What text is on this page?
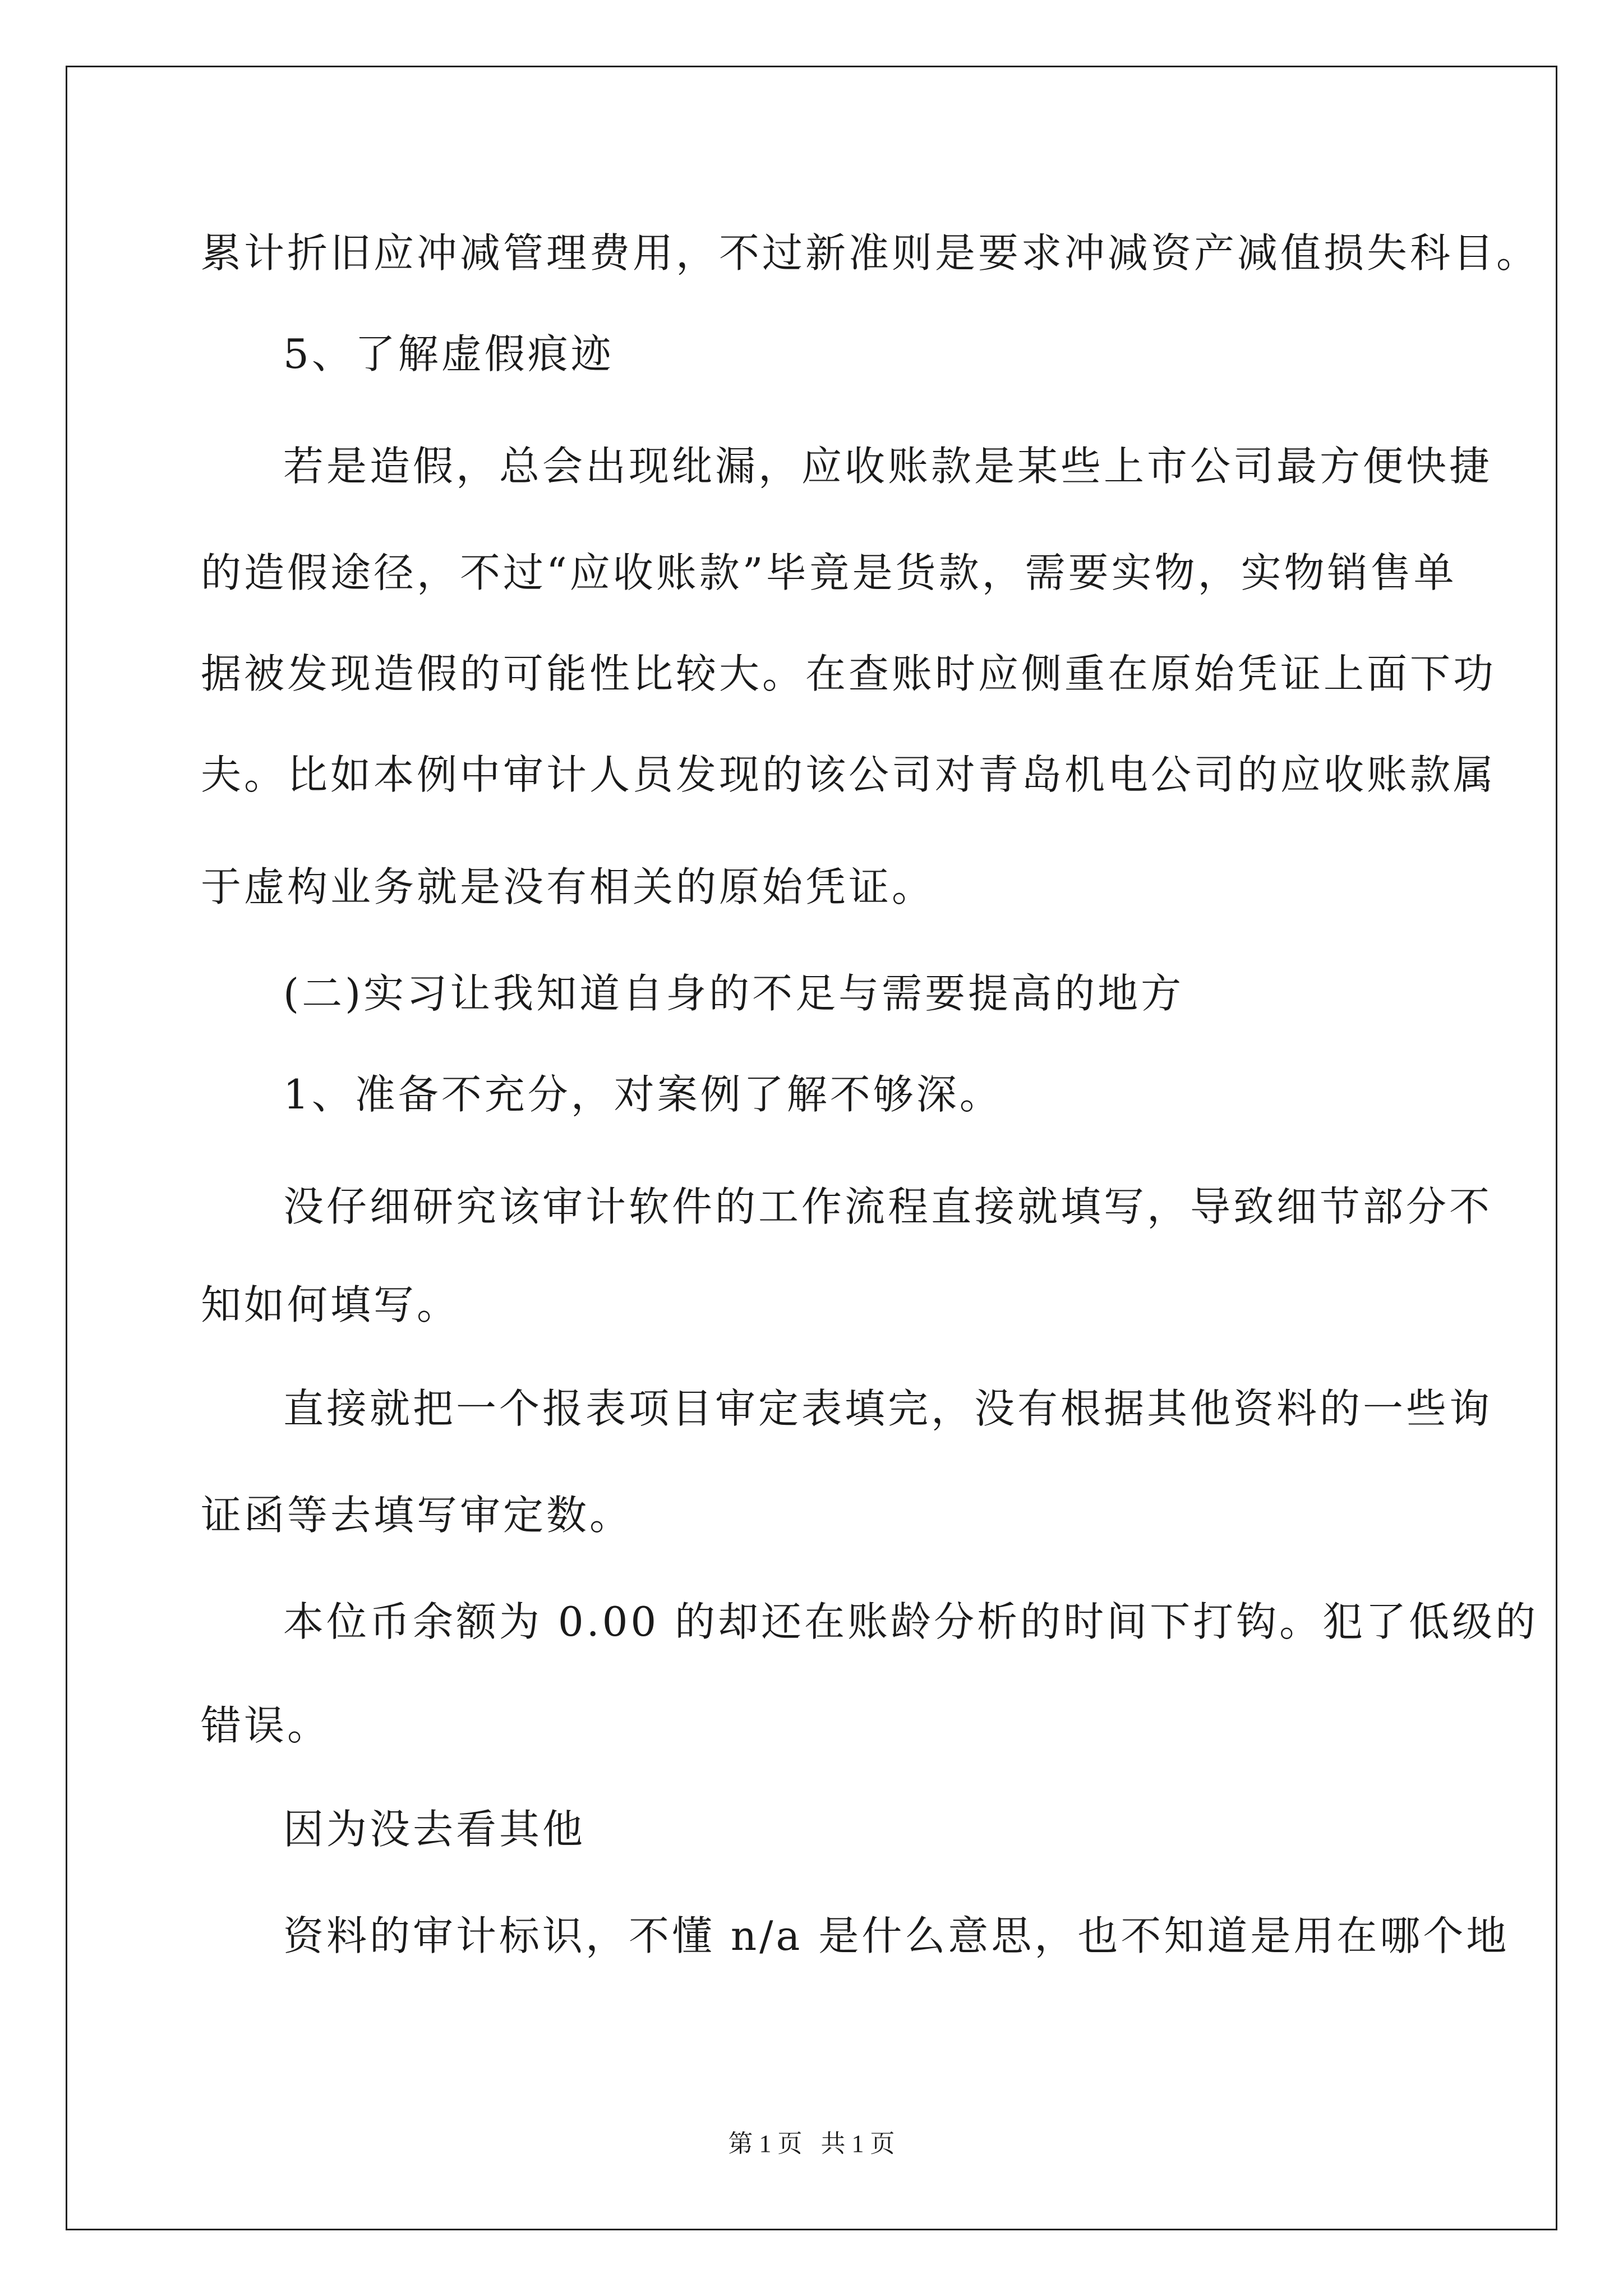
累计折旧应冲减管理费用，不过新准则是要求冲减资产减值损失科目。
5、了解虚假痕迹
若是造假，总会出现纰漏，应收账款是某些上市公司最方便快捷
的造假途径，不过“应收账款”毕竟是货款，需要实物，实物销售单
据被发现造假的可能性比较大。在查账时应侧重在原始凭证上面下功
夫。比如本例中审计人员发现的该公司对青岛机电公司的应收账款属
于虚构业务就是没有相关的原始凭证。
(二)实习让我知道自身的不足与需要提高的地方
1、准备不充分，对案例了解不够深。
没仔细研究该审计软件的工作流程直接就填写，导致细节部分不
知如何填写。
直接就把一个报表项目审定表填完，没有根据其他资料的一些询
证函等去填写审定数。
本位币余额为 0.00 的却还在账龄分析的时间下打钩。犯了低级的
错误。
因为没去看其他
资料的审计标识，不懂 n/a 是什么意思，也不知道是用在哪个地
第 1 页   共 1 页
